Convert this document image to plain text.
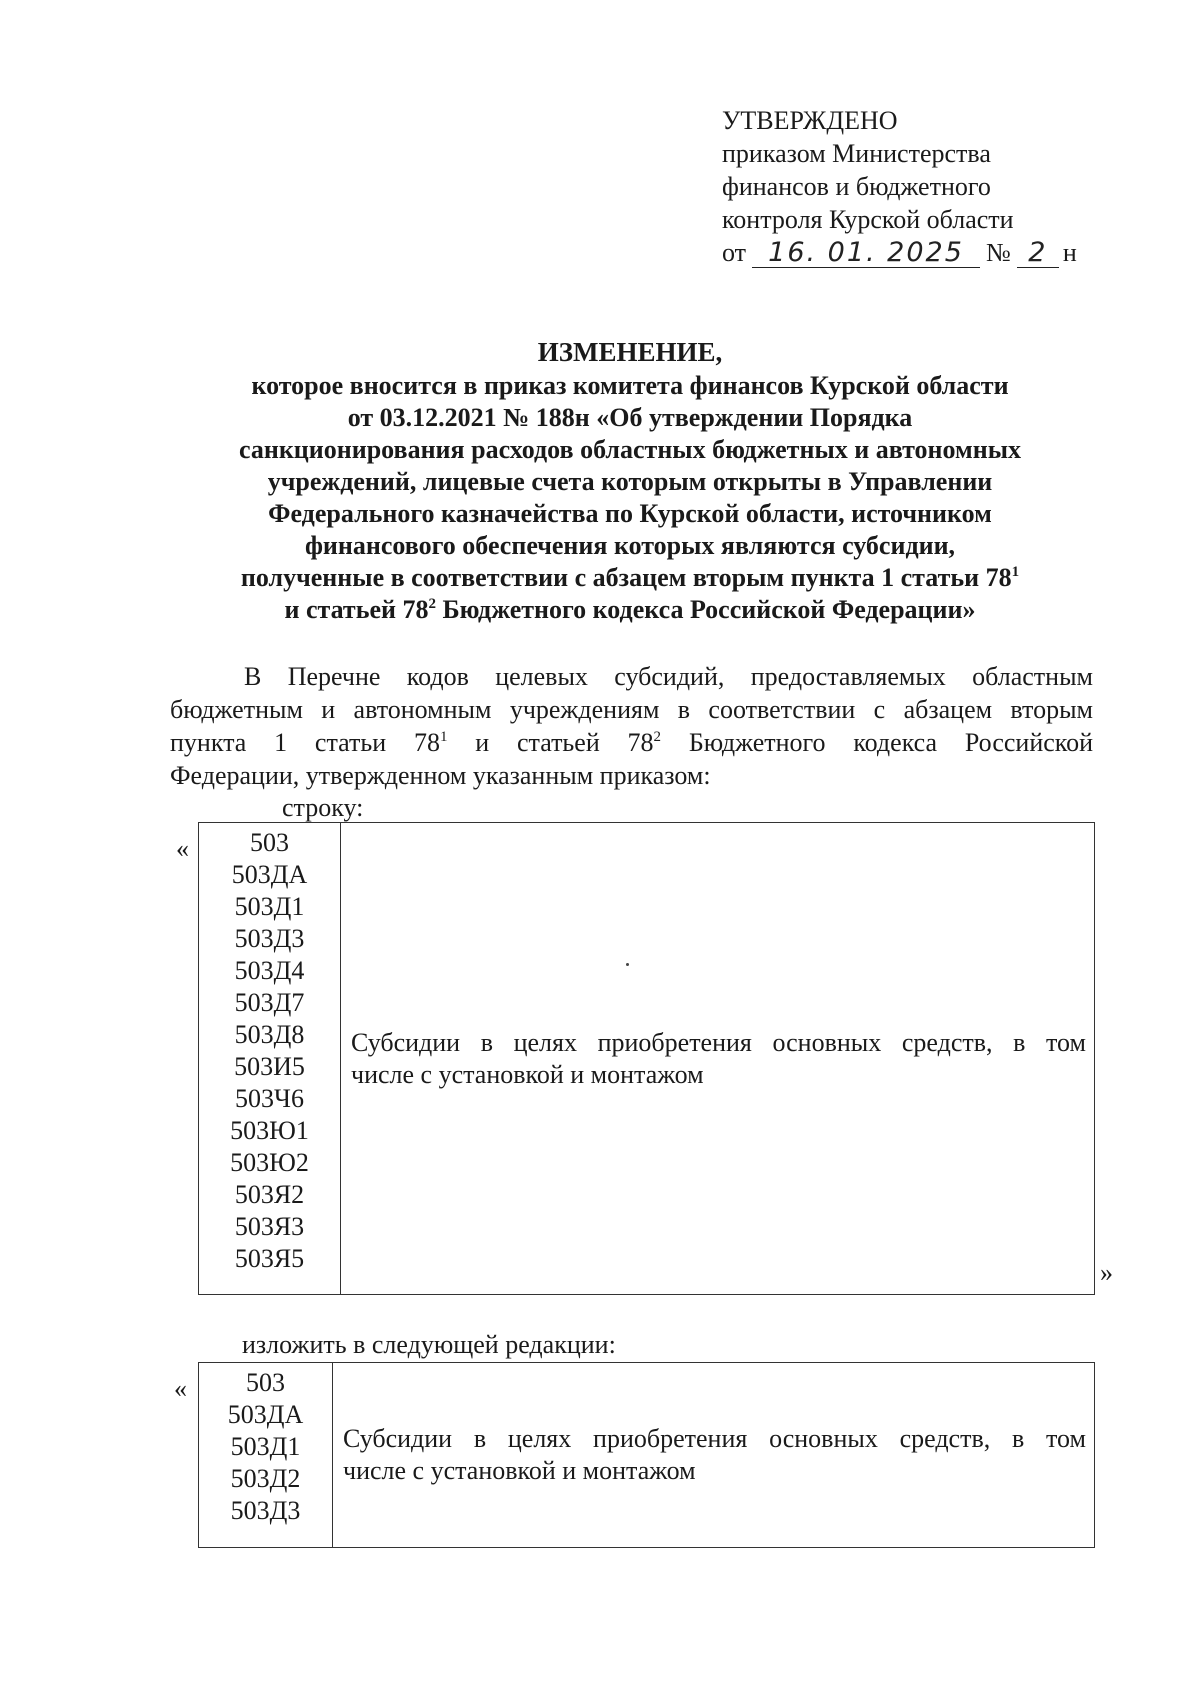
УТВЕРЖДЕНО
приказом Министерства
финансов и бюджетного
контроля Курской области
от 16. 01. 2025 № 2 н
ИЗМЕНЕНИЕ,
которое вносится в приказ комитета финансов Курской области
от 03.12.2021 № 188н «Об утверждении Порядка
санкционирования расходов областных бюджетных и автономных
учреждений, лицевые счета которым открыты в Управлении
Федерального казначейства по Курской области, источником
финансового обеспечения которых являются субсидии,
полученные в соответствии с абзацем вторым пункта 1 статьи $78^1$
и статьей $78^2$ Бюджетного кодекса Российской Федерации»
В Перечне кодов целевых субсидий, предоставляемых областным
бюджетным и автономным учреждениям в соответствии с абзацем вторым
пункта 1 статьи $78^1$ и статьей $78^2$ Бюджетного кодекса Российской
Федерации, утвержденном указанным приказом:
строку:
« 503
503ДА
503Д1
503Д3
503Д4
503Д7
503Д8
503И5
503Ч6
503Ю1
503Ю2
503Я2
503Я3
503Я5
Субсидии в целях приобретения основных средств, в том
числе с установкой и монтажом
»
изложить в следующей редакции:
« 503
503ДА
503Д1
503Д2
503Д3
Субсидии в целях приобретения основных средств, в том
числе с установкой и монтажом
